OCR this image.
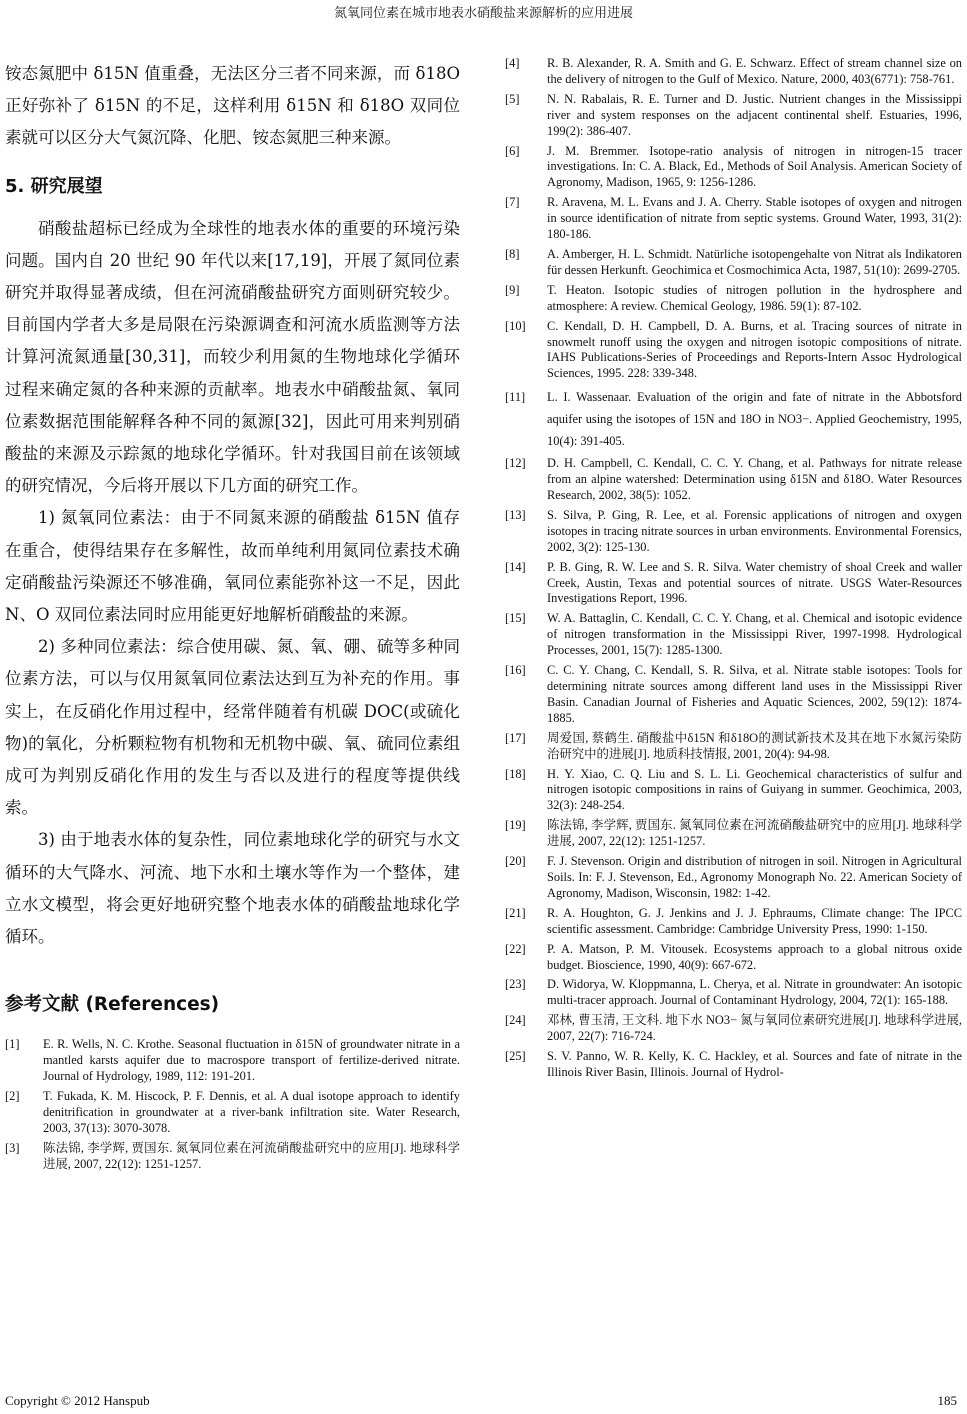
氮氧同位素在城市地表水硝酸盐来源解析的应用进展

铵态氮肥中 δ15N 值重叠，无法区分三者不同来源，而 δ18O 正好弥补了 δ15N 的不足，这样利用 δ15N 和 δ18O 双同位素就可以区分大气氮沉降、化肥、铵态氮肥三种来源。

5. 研究展望

硝酸盐超标已经成为全球性的地表水体的重要的环境污染问题。国内自 20 世纪 90 年代以来[17,19]，开展了氮同位素研究并取得显著成绩，但在河流硝酸盐研究方面则研究较少。目前国内学者大多是局限在污染源调查和河流水质监测等方法计算河流氮通量[30,31]，而较少利用氮的生物地球化学循环过程来确定氮的各种来源的贡献率。地表水中硝酸盐氮、氧同位素数据范围能解释各种不同的氮源[32]，因此可用来判别硝酸盐的来源及示踪氮的地球化学循环。针对我国目前在该领域的研究情况，今后将开展以下几方面的研究工作。

1) 氮氧同位素法：由于不同氮来源的硝酸盐 δ15N 值存在重合，使得结果存在多解性，故而单纯利用氮同位素技术确定硝酸盐污染源还不够准确，氧同位素能弥补这一不足，因此 N、O 双同位素法同时应用能更好地解析硝酸盐的来源。

2) 多种同位素法：综合使用碳、氮、氧、硼、硫等多种同位素方法，可以与仅用氮氧同位素法达到互为补充的作用。事实上，在反硝化作用过程中，经常伴随着有机碳 DOC(或硫化物)的氧化，分析颗粒物有机物和无机物中碳、氧、硫同位素组成可为判别反硝化作用的发生与否以及进行的程度等提供线索。

3) 由于地表水体的复杂性，同位素地球化学的研究与水文循环的大气降水、河流、地下水和土壤水等作为一个整体，建立水文模型，将会更好地研究整个地表水体的硝酸盐地球化学循环。

参考文献 (References)
[1]	E. R. Wells, N. C. Krothe. Seasonal fluctuation in δ15N of groundwater nitrate in a mantled karsts aquifer due to macrospore transport of fertilize-derived nitrate. Journal of Hydrology, 1989, 112: 191-201.
[2]	T. Fukada, K. M. Hiscock, P. F. Dennis, et al. A dual isotope approach to identify denitrification in groundwater at a river-bank infiltration site. Water Research, 2003, 37(13): 3070-3078.
[3]	陈法锦, 李学辉, 贾国东. 氮氧同位素在河流硝酸盐研究中的应用[J]. 地球科学进展, 2007, 22(12): 1251-1257.
[4]	R. B. Alexander, R. A. Smith and G. E. Schwarz. Effect of stream channel size on the delivery of nitrogen to the Gulf of Mexico. Nature, 2000, 403(6771): 758-761.
[5]	N. N. Rabalais, R. E. Turner and D. Justic. Nutrient changes in the Mississippi river and system responses on the adjacent continental shelf. Estuaries, 1996, 199(2): 386-407.
[6]	J. M. Bremmer. Isotope-ratio analysis of nitrogen in nitrogen-15 tracer investigations. In: C. A. Black, Ed., Methods of Soil Analysis. American Society of Agronomy, Madison, 1965, 9: 1256-1286.
[7]	R. Aravena, M. L. Evans and J. A. Cherry. Stable isotopes of oxygen and nitrogen in source identification of nitrate from septic systems. Ground Water, 1993, 31(2): 180-186.
[8]	A. Amberger, H. L. Schmidt. Natürliche isotopengehalte von Nitrat als Indikatoren für dessen Herkunft. Geochimica et Cosmochimica Acta, 1987, 51(10): 2699-2705.
[9]	T. Heaton. Isotopic studies of nitrogen pollution in the hydrosphere and atmosphere: A review. Chemical Geology, 1986. 59(1): 87-102.
[10]	C. Kendall, D. H. Campbell, D. A. Burns, et al. Tracing sources of nitrate in snowmelt runoff using the oxygen and nitrogen isotopic compositions of nitrate. IAHS Publications-Series of Proceedings and Reports-Intern Assoc Hydrological Sciences, 1995. 228: 339-348.
[11]	L. I. Wassenaar. Evaluation of the origin and fate of nitrate in the Abbotsford aquifer using the isotopes of 15N and 18O in NO3−. Applied Geochemistry, 1995, 10(4): 391-405.
[12]	D. H. Campbell, C. Kendall, C. C. Y. Chang, et al. Pathways for nitrate release from an alpine watershed: Determination using δ15N and δ18O. Water Resources Research, 2002, 38(5): 1052.
[13]	S. Silva, P. Ging, R. Lee, et al. Forensic applications of nitrogen and oxygen isotopes in tracing nitrate sources in urban environments. Environmental Forensics, 2002, 3(2): 125-130.
[14]	P. B. Ging, R. W. Lee and S. R. Silva. Water chemistry of shoal Creek and waller Creek, Austin, Texas and potential sources of nitrate. USGS Water-Resources Investigations Report, 1996.
[15]	W. A. Battaglin, C. Kendall, C. C. Y. Chang, et al. Chemical and isotopic evidence of nitrogen transformation in the Mississippi River, 1997-1998. Hydrological Processes, 2001, 15(7): 1285-1300.
[16]	C. C. Y. Chang, C. Kendall, S. R. Silva, et al. Nitrate stable isotopes: Tools for determining nitrate sources among different land uses in the Mississippi River Basin. Canadian Journal of Fisheries and Aquatic Sciences, 2002, 59(12): 1874-1885.
[17]	周爱国, 蔡鹤生. 硝酸盐中δ15N 和δ18O的测试新技术及其在地下水氮污染防治研究中的进展[J]. 地质科技情报, 2001, 20(4): 94-98.
[18]	H. Y. Xiao, C. Q. Liu and S. L. Li. Geochemical characteristics of sulfur and nitrogen isotopic compositions in rains of Guiyang in summer. Geochimica, 2003, 32(3): 248-254.
[19]	陈法锦, 李学辉, 贾国东. 氮氧同位素在河流硝酸盐研究中的应用[J]. 地球科学进展, 2007, 22(12): 1251-1257.
[20]	F. J. Stevenson. Origin and distribution of nitrogen in soil. Nitrogen in Agricultural Soils. In: F. J. Stevenson, Ed., Agronomy Monograph No. 22. American Society of Agronomy, Madison, Wisconsin, 1982: 1-42.
[21]	R. A. Houghton, G. J. Jenkins and J. J. Ephraums, Climate change: The IPCC scientific assessment. Cambridge: Cambridge University Press, 1990: 1-150.
[22]	P. A. Matson, P. M. Vitousek. Ecosystems approach to a global nitrous oxide budget. Bioscience, 1990, 40(9): 667-672.
[23]	D. Widorya, W. Kloppmanna, L. Cherya, et al. Nitrate in groundwater: An isotopic multi-tracer approach. Journal of Contaminant Hydrology, 2004, 72(1): 165-188.
[24]	邓林, 曹玉清, 王文科. 地下水 NO3− 氮与氧同位素研究进展[J]. 地球科学进展, 2007, 22(7): 716-724.
[25]	S. V. Panno, W. R. Kelly, K. C. Hackley, et al. Sources and fate of nitrate in the Illinois River Basin, Illinois. Journal of Hydrol-
Copyright © 2012 Hanspub	185
